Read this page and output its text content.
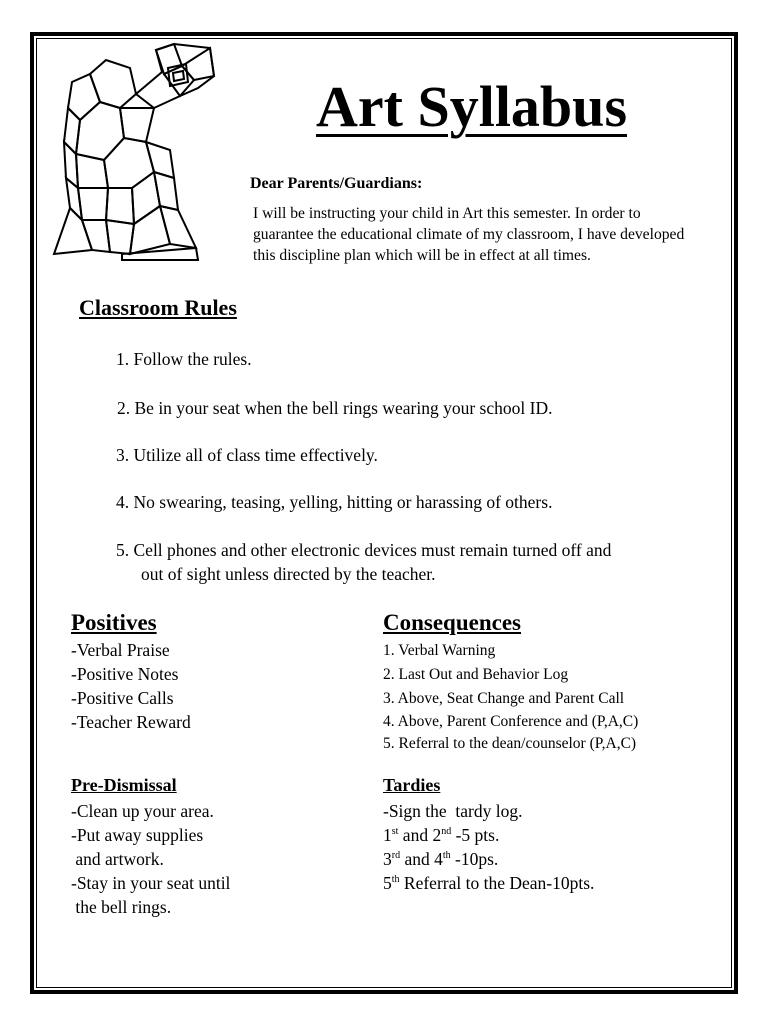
Art Syllabus
Dear Parents/Guardians:
I will be instructing your child in Art this semester. In order to guarantee the educational climate of my classroom, I have developed this discipline plan which will be in effect at all times.
Classroom Rules
1. Follow the rules.
2. Be in your seat when the bell rings wearing your school ID.
3. Utilize all of class time effectively.
4. No swearing, teasing, yelling, hitting or harassing of others.
5. Cell phones and other electronic devices must remain turned off and
out of sight unless directed by the teacher.
Positives
-Verbal Praise
-Positive Notes
-Positive Calls
-Teacher Reward
Consequences
1. Verbal Warning
2. Last Out and Behavior Log
3. Above, Seat Change and Parent Call
4. Above, Parent Conference and (P,A,C)
5. Referral to the dean/counselor (P,A,C)
Pre-Dismissal
-Clean up your area.
-Put away supplies
and artwork.
-Stay in your seat until
the bell rings.
Tardies
-Sign the  tardy log.
1st and 2nd -5 pts.
3rd and 4th -10ps.
5th Referral to the Dean-10pts.
